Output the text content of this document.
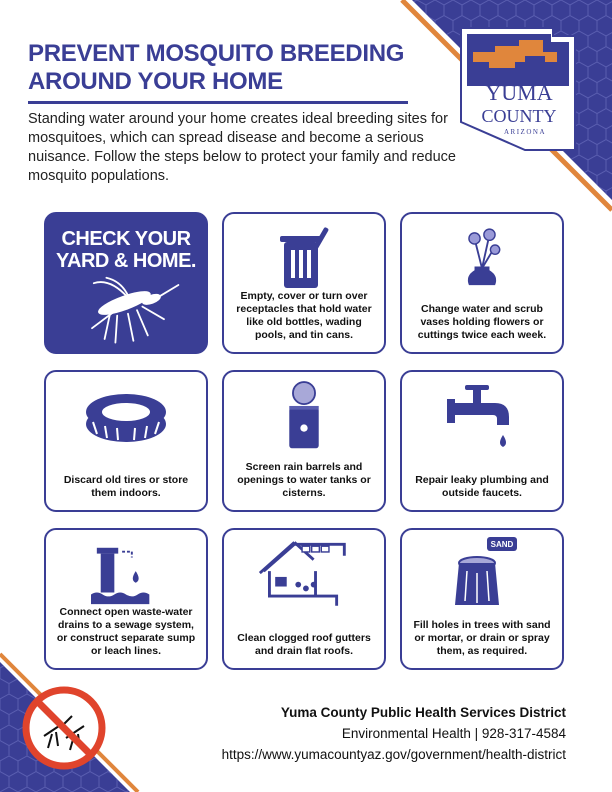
YUMA
COUNTY
ARIZONA
PREVENT MOSQUITO BREEDING AROUND YOUR HOME

Standing water around your home creates ideal breeding sites for mosquitoes, which can spread disease and become a serious nuisance. Follow the steps below to protect your family and reduce mosquito populations.

CHECK YOUR YARD & HOME.
Empty, cover or turn over receptacles that hold water like old bottles, wading pools, and tin cans.
Change water and scrub vases holding flowers or cuttings twice each week.
Discard old tires or store them indoors.
Screen rain barrels and openings to water tanks or cisterns.
Repair leaky plumbing and outside faucets.
Connect open waste-water drains to a sewage system, or construct separate sump or leach lines.
Clean clogged roof gutters and drain flat roofs.
SAND
Fill holes in trees with sand or mortar, or drain or spray them, as required.
Yuma County Public Health Services District
Environmental Health | 928-317-4584
https://www.yumacountyaz.gov/government/health-district
